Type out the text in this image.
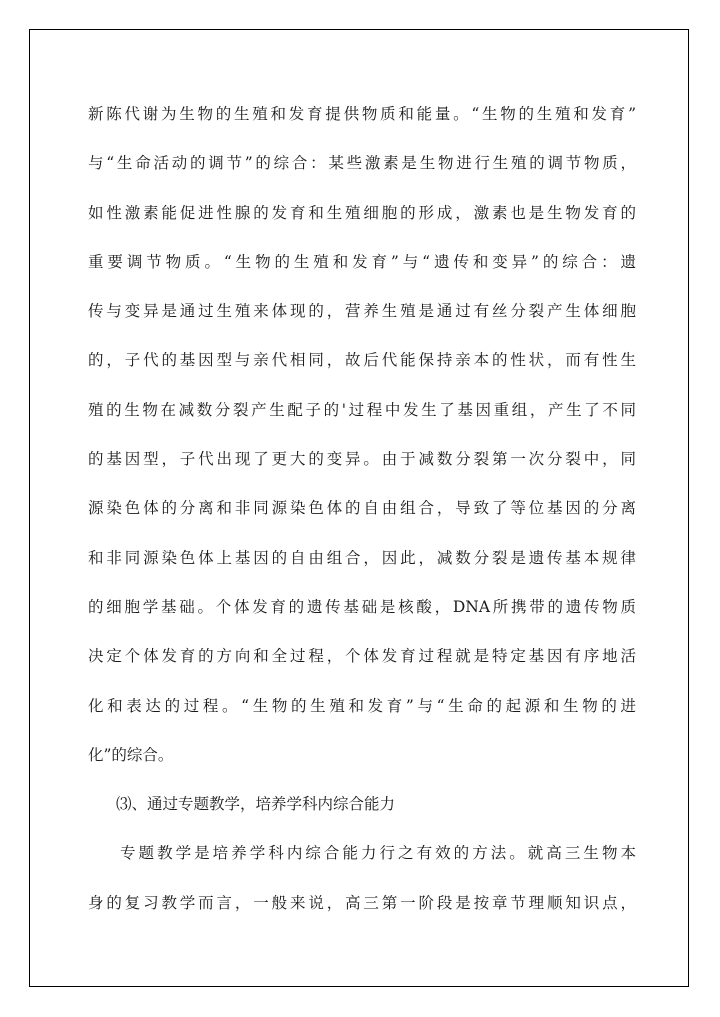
新陈代谢为生物的生殖和发育提供物质和能量。“生物的生殖和发育”
与“生命活动的调节”的综合：某些激素是生物进行生殖的调节物质，
如性激素能促进性腺的发育和生殖细胞的形成，激素也是生物发育的
重要调节物质。“生物的生殖和发育”与“遗传和变异”的综合：遗
传与变异是通过生殖来体现的，营养生殖是通过有丝分裂产生体细胞
的，子代的基因型与亲代相同，故后代能保持亲本的性状，而有性生
殖的生物在减数分裂产生配子的'过程中发生了基因重组，产生了不同
的基因型，子代出现了更大的变异。由于减数分裂第一次分裂中，同
源染色体的分离和非同源染色体的自由组合，导致了等位基因的分离
和非同源染色体上基因的自由组合，因此，减数分裂是遗传基本规律
的细胞学基础。个体发育的遗传基础是核酸，DNA所携带的遗传物质
决定个体发育的方向和全过程，个体发育过程就是特定基因有序地活
化和表达的过程。“生物的生殖和发育”与“生命的起源和生物的进
化”的综合。
⑶、通过专题教学，培养学科内综合能力
专题教学是培养学科内综合能力行之有效的方法。就高三生物本
身的复习教学而言，一般来说，高三第一阶段是按章节理顺知识点，
